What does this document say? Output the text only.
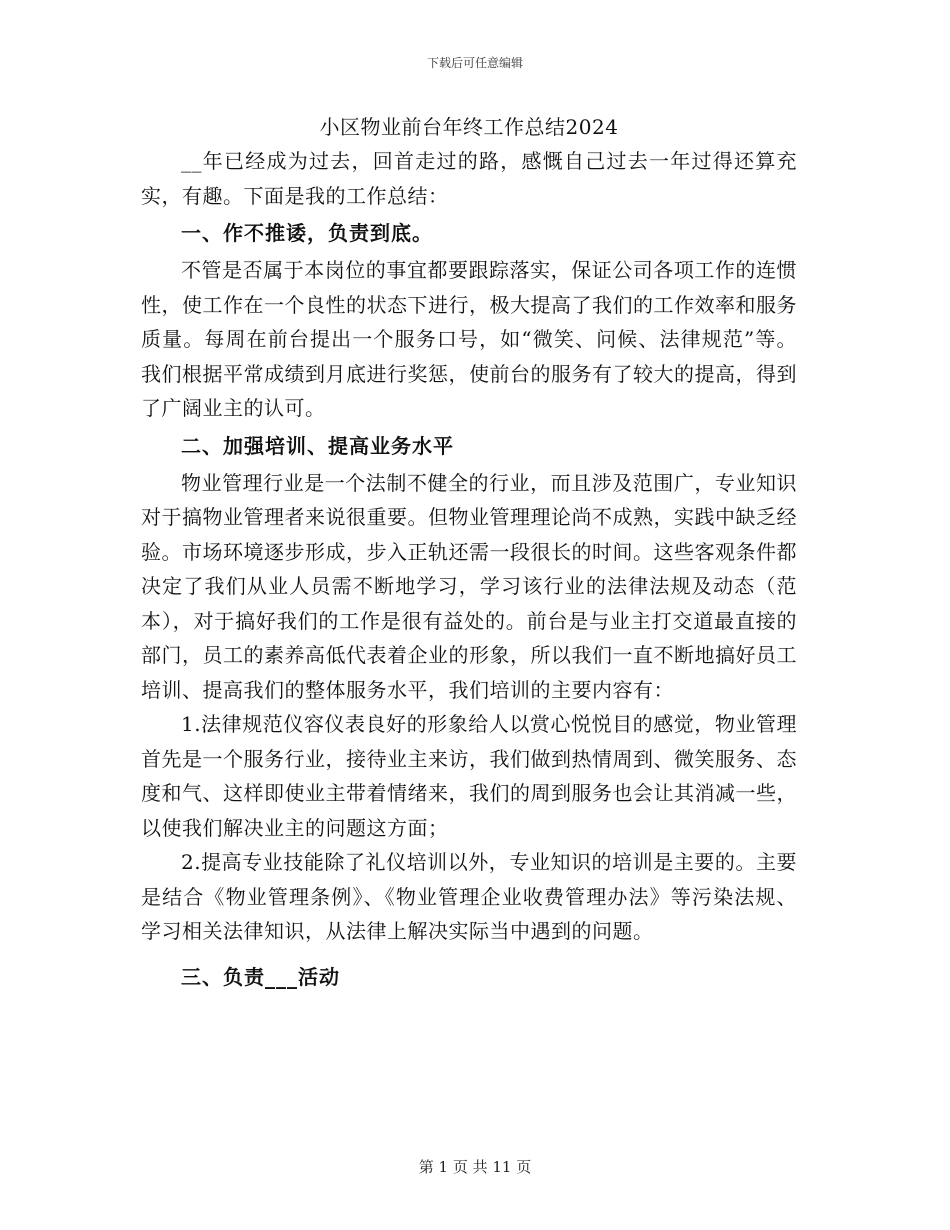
下载后可任意编辑
小区物业前台年终工作总结2024

__年已经成为过去，回首走过的路，感慨自己过去一年过得还算充实，有趣。下面是我的工作总结：

一、作不推诿，负责到底。

不管是否属于本岗位的事宜都要跟踪落实，保证公司各项工作的连惯性，使工作在一个良性的状态下进行，极大提高了我们的工作效率和服务质量。每周在前台提出一个服务口号，如“微笑、问候、法律规范”等。我们根据平常成绩到月底进行奖惩，使前台的服务有了较大的提高，得到了广阔业主的认可。

二、加强培训、提高业务水平

物业管理行业是一个法制不健全的行业，而且涉及范围广，专业知识对于搞物业管理者来说很重要。但物业管理理论尚不成熟，实践中缺乏经验。市场环境逐步形成，步入正轨还需一段很长的时间。这些客观条件都决定了我们从业人员需不断地学习，学习该行业的法律法规及动态（范本），对于搞好我们的工作是很有益处的。前台是与业主打交道最直接的部门，员工的素养高低代表着企业的形象，所以我们一直不断地搞好员工培训、提高我们的整体服务水平，我们培训的主要内容有：

1.法律规范仪容仪表良好的形象给人以赏心悦悦目的感觉，物业管理首先是一个服务行业，接待业主来访，我们做到热情周到、微笑服务、态度和气、这样即使业主带着情绪来，我们的周到服务也会让其消减一些，以使我们解决业主的问题这方面；

2.提高专业技能除了礼仪培训以外，专业知识的培训是主要的。主要是结合《物业管理条例》、《物业管理企业收费管理办法》等污染法规、学习相关法律知识，从法律上解决实际当中遇到的问题。

三、负责___活动

第 1 页 共 11 页
